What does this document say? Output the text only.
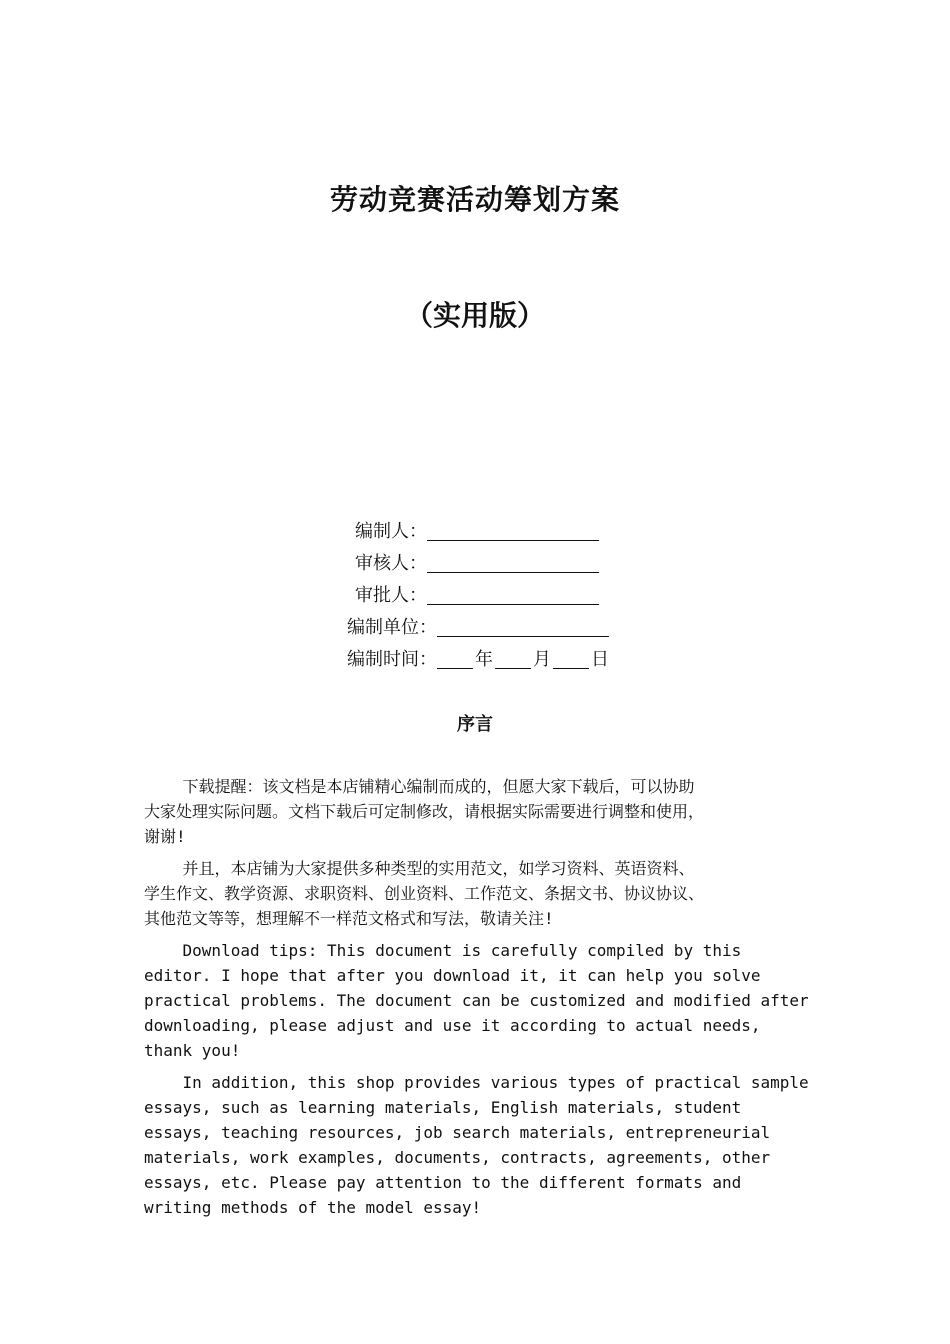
劳动竞赛活动筹划方案
（实用版）
编制人：
审核人：
审批人：
编制单位：
编制时间： 年 月 日
序言

下载提醒：该文档是本店铺精心编制而成的，但愿大家下载后，可以协助
大家处理实际问题。文档下载后可定制修改，请根据实际需要进行调整和使用，
谢谢!

并且，本店铺为大家提供多种类型的实用范文，如学习资料、英语资料、
学生作文、教学资源、求职资料、创业资料、工作范文、条据文书、协议协议、
其他范文等等，想理解不一样范文格式和写法，敬请关注!

Download tips: This document is carefully compiled by this
editor. I hope that after you download it, it can help you solve
practical problems. The document can be customized and modified after
downloading, please adjust and use it according to actual needs,
thank you!

In addition, this shop provides various types of practical sample
essays, such as learning materials, English materials, student
essays, teaching resources, job search materials, entrepreneurial
materials, work examples, documents, contracts, agreements, other
essays, etc. Please pay attention to the different formats and
writing methods of the model essay!
